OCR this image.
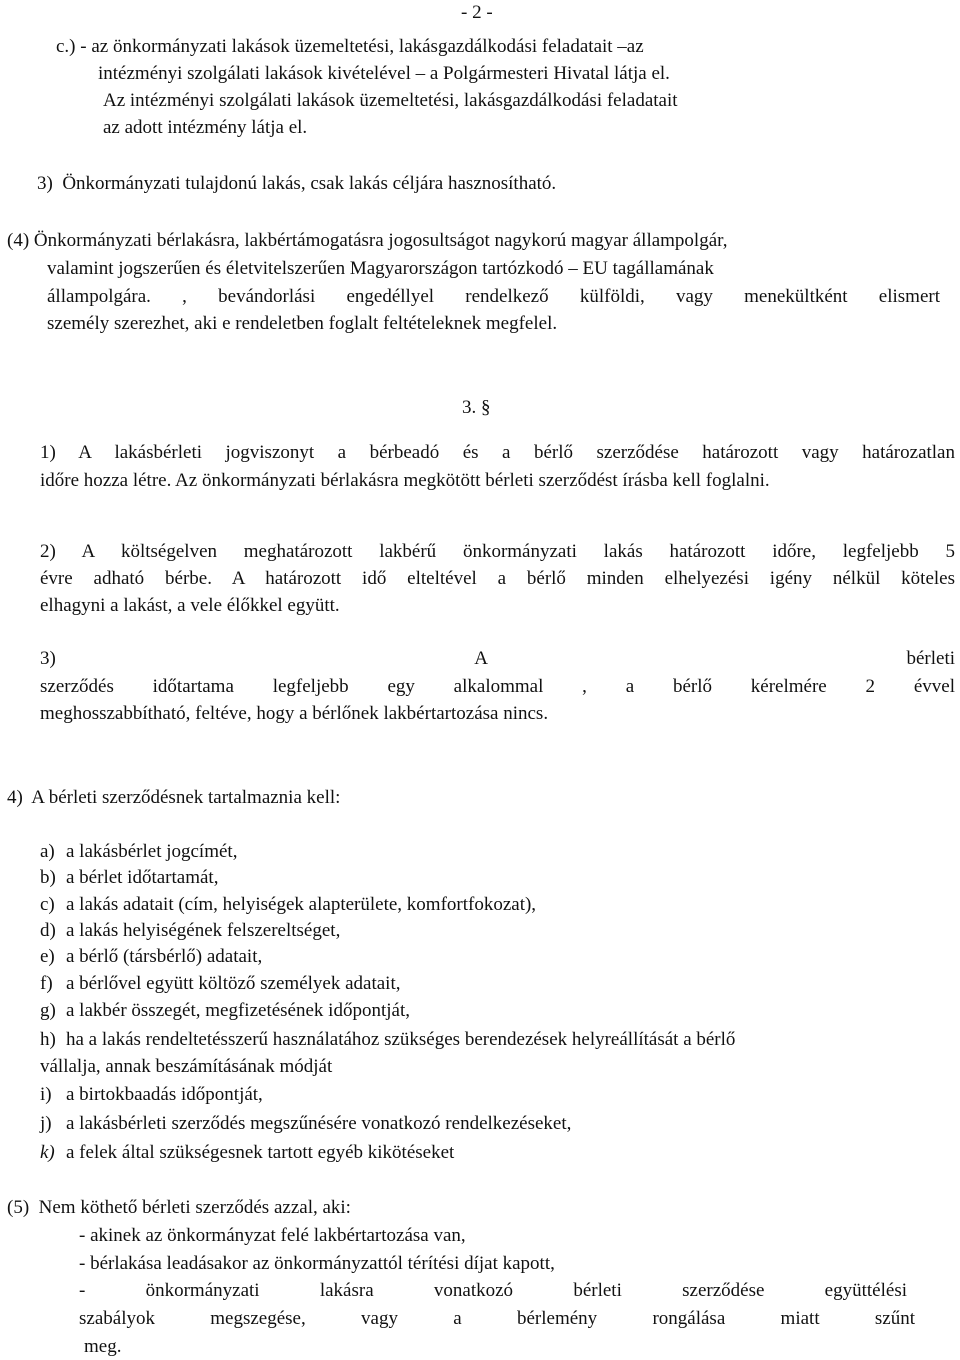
- 2 -
c.) - az önkormányzati lakások üzemeltetési, lakásgazdálkodási feladatait –az
intézményi szolgálati lakások kivételével – a Polgármesteri Hivatal látja el.
Az intézményi szolgálati lakások üzemeltetési, lakásgazdálkodási feladatait
az adott intézmény látja el.
3)  Önkormányzati tulajdonú lakás, csak lakás céljára hasznosítható.
(4) Önkormányzati bérlakásra, lakbértámogatásra jogosultságot nagykorú magyar állampolgár,
valamint jogszerűen és életvitelszerűen Magyarországon tartózkodó – EU tagállamának
állampolgára. , bevándorlási engedéllyel rendelkező külföldi, vagy menekültként elismert
személy szerezhet, aki e rendeletben foglalt feltételeknek megfelel.
3. §
1) A lakásbérleti jogviszonyt a bérbeadó és a bérlő szerződése határozott vagy határozatlan
időre hozza létre. Az önkormányzati bérlakásra megkötött bérleti szerződést írásba kell foglalni.
2) A költségelven meghatározott lakbérű önkormányzati lakás határozott időre, legfeljebb 5
évre adható bérbe. A határozott idő elteltével a bérlő minden elhelyezési igény nélkül köteles
elhagyni a lakást, a vele élőkkel együtt.
3) A bérleti
szerződés időtartama legfeljebb egy alkalommal , a bérlő kérelmére 2 évvel
meghosszabbítható, feltéve, hogy a bérlőnek lakbértartozása nincs.
4)  A bérleti szerződésnek tartalmaznia kell:
a) a lakásbérlet jogcímét,
b) a bérlet időtartamát,
c) a lakás adatait (cím, helyiségek alapterülete, komfortfokozat),
d) a lakás helyiségének felszereltséget,
e) a bérlő (társbérlő) adatait,
f) a bérlővel együtt költöző személyek adatait,
g) a lakbér összegét, megfizetésének időpontját,
h) ha a lakás rendeltetésszerű használatához szükséges berendezések helyreállítását a bérlő
vállalja, annak beszámításának módját
i) a birtokbaadás időpontját,
j) a lakásbérleti szerződés megszűnésére vonatkozó rendelkezéseket,
k) a felek által szükségesnek tartott egyéb kikötéseket
(5)  Nem köthető bérleti szerződés azzal, aki:
- akinek az önkormányzat felé lakbértartozása van,
- bérlakása leadásakor az önkormányzattól térítési díjat kapott,
- önkormányzati lakásra vonatkozó bérleti szerződése együttélési
szabályok megszegése, vagy a bérlemény rongálása miatt szűnt
meg.
